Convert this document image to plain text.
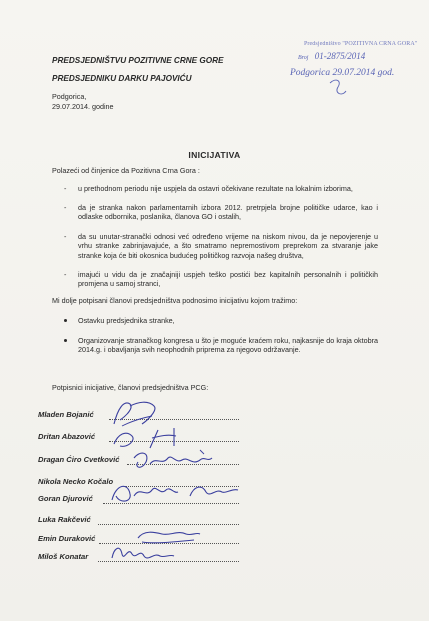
Predsjedništvo "POZITIVNA CRNA GORA"
Broj 01-2875/2014
Podgorica 29.07.2014 god.
PREDSJEDNIŠTVU POZITIVNE CRNE GORE
PREDSJEDNIKU DARKU PAJOVIĆU
Podgorica,
29.07.2014. godine
INICIJATIVA
Polazeći od činjenice da Pozitivna Crna Gora :
- u prethodnom periodu nije uspjela da ostavri očekivane rezultate na lokalnim izborima,
- da je stranka nakon parlamentarnih izbora 2012. pretrpjela brojne političke udarce, kao i odlaske odbornika, poslanika, članova GO i ostalih,
- da su unutar-stranački odnosi već određeno vrijeme na niskom nivou, da je nepovjerenje u vrhu stranke zabrinjavajuće, a što smatramo nepremostivom preprekom za stvaranje jake stranke koja će biti okosnica budućeg političkog razvoja našeg društva,
- imajući u vidu da je značajniji uspjeh teško postići bez kapitalnih personalnih i političkih promjena u samoj stranci,
Mi dolje potpisani članovi predsjedništva podnosimo inicijativu kojom tražimo:
Ostavku predsjednika stranke,
Organizovanje stranačkog kongresa u što je moguće kraćem roku, najkasnije do kraja oktobra 2014.g. i obavljanja svih neophodnih priprema za njegovo održavanje.
Potpisnici inicijative, članovi predsjedništva PCG:
Mladen Bojanić
Dritan Abazović
Dragan Ćiro Cvetković
Nikola Necko Kočalo
Goran Djurović
Luka Rakčević
Emin Duraković
Miloš Konatar
